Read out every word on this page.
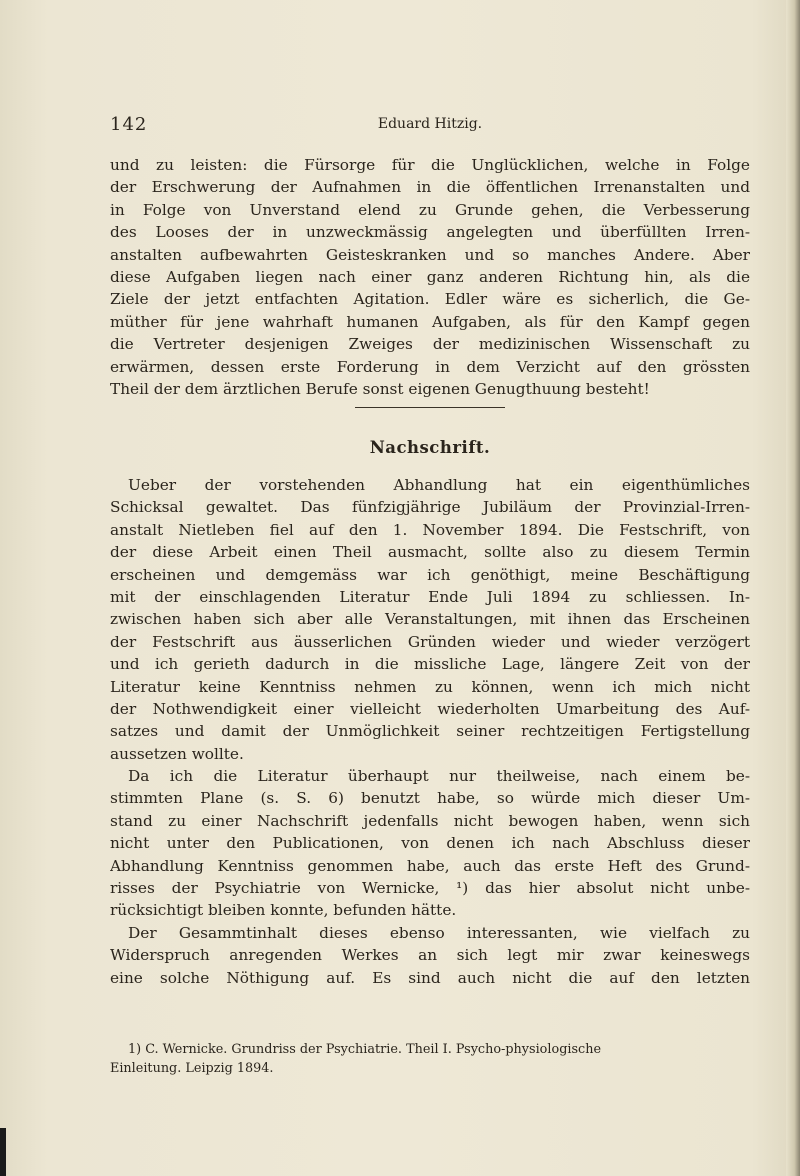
142	Eduard Hitzig.
und zu leisten: die Fürsorge für die Unglücklichen, welche in Folge
der Erschwerung der Aufnahmen in die öffentlichen Irrenanstalten und
in Folge von Unverstand elend zu Grunde gehen, die Verbesserung
des Looses der in unzweckmässig angelegten und überfüllten Irren-
anstalten aufbewahrten Geisteskranken und so manches Andere. Aber
diese Aufgaben liegen nach einer ganz anderen Richtung hin, als die
Ziele der jetzt entfachten Agitation. Edler wäre es sicherlich, die Ge-
müther für jene wahrhaft humanen Aufgaben, als für den Kampf gegen
die Vertreter desjenigen Zweiges der medizinischen Wissenschaft zu
erwärmen, dessen erste Forderung in dem Verzicht auf den grössten
Theil der dem ärztlichen Berufe sonst eigenen Genugthuung besteht!
Nachschrift.
Ueber der vorstehenden Abhandlung hat ein eigenthümliches
Schicksal gewaltet. Das fünfzigjährige Jubiläum der Provinzial-Irren-
anstalt Nietleben fiel auf den 1. November 1894. Die Festschrift, von
der diese Arbeit einen Theil ausmacht, sollte also zu diesem Termin
erscheinen und demgemäss war ich genöthigt, meine Beschäftigung
mit der einschlagenden Literatur Ende Juli 1894 zu schliessen. In-
zwischen haben sich aber alle Veranstaltungen, mit ihnen das Erscheinen
der Festschrift aus äusserlichen Gründen wieder und wieder verzögert
und ich gerieth dadurch in die missliche Lage, längere Zeit von der
Literatur keine Kenntniss nehmen zu können, wenn ich mich nicht
der Nothwendigkeit einer vielleicht wiederholten Umarbeitung des Auf-
satzes und damit der Unmöglichkeit seiner rechtzeitigen Fertigstellung
aussetzen wollte.
Da ich die Literatur überhaupt nur theilweise, nach einem be-
stimmten Plane (s. S. 6) benutzt habe, so würde mich dieser Um-
stand zu einer Nachschrift jedenfalls nicht bewogen haben, wenn sich
nicht unter den Publicationen, von denen ich nach Abschluss dieser
Abhandlung Kenntniss genommen habe, auch das erste Heft des Grund-
risses der Psychiatrie von Wernicke, ¹) das hier absolut nicht unbe-
rücksichtigt bleiben konnte, befunden hätte.
Der Gesammtinhalt dieses ebenso interessanten, wie vielfach zu
Widerspruch anregenden Werkes an sich legt mir zwar keineswegs
eine solche Nöthigung auf. Es sind auch nicht die auf den letzten
1) C. Wernicke. Grundriss der Psychiatrie. Theil I. Psycho-physiologische
Einleitung. Leipzig 1894.
